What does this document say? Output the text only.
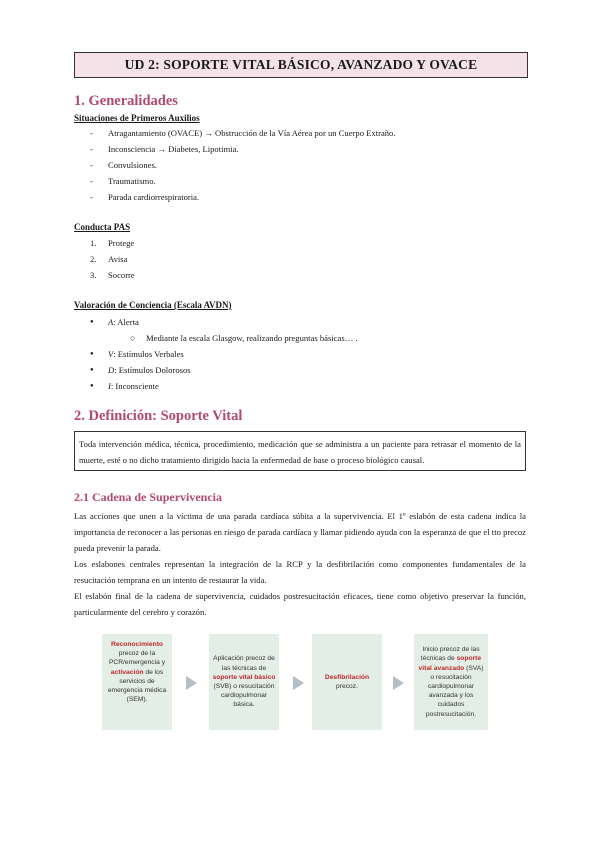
UD 2: SOPORTE VITAL BÁSICO, AVANZADO Y OVACE
1. Generalidades
Situaciones de Primeros Auxilios
- Atragantamiento (OVACE) → Obstrucción de la Vía Aérea por un Cuerpo Extraño.
- Inconsciencia → Diabetes, Lipotimia.
- Convulsiones.
- Traumatismo.
- Parada cardiorrespiratoria.
Conducta PAS
1. Protege
2. Avisa
3. Socorre
Valoración de Conciencia (Escala AVDN)
● A: Alerta
○ Mediante la escala Glasgow, realizando preguntas básicas… .
● V: Estímulos Verbales
● D: Estímulos Dolorosos
● I: Inconsciente
2. Definición: Soporte Vital
Toda intervención médica, técnica, procedimiento, medicación que se administra a un paciente para retrasar el momento de la muerte, esté o no dicho tratamiento dirigido hacia la enfermedad de base o proceso biológico causal.
2.1 Cadena de Supervivencia

Las acciones que unen a la víctima de una parada cardíaca súbita a la supervivencia. El 1º eslabón de esta cadena indica la importancia de reconocer a las personas en riesgo de parada cardíaca y llamar pidiendo ayuda con la esperanza de que el tto precoz pueda prevenir la parada.

Los eslabones centrales representan la integración de la RCP y la desfibrilación como componentes fundamentales de la resucitación temprana en un intento de restaurar la vida.

El eslabón final de la cadena de supervivencia, cuidados postresucitación eficaces, tiene como objetivo preservar la función, particularmente del cerebro y corazón.

Reconocimiento precoz de la PCR/emergencia y activación de los servicios de emergencia médica (SEM).
Aplicación precoz de las técnicas de soporte vital básico (SVB) o resucitación cardiopulmonar básica.
Desfibrilación precoz.
Inicio precoz de las técnicas de soporte vital avanzado (SVA) o resucitación cardiopulmonar avanzada y los cuidados postresucitación.
